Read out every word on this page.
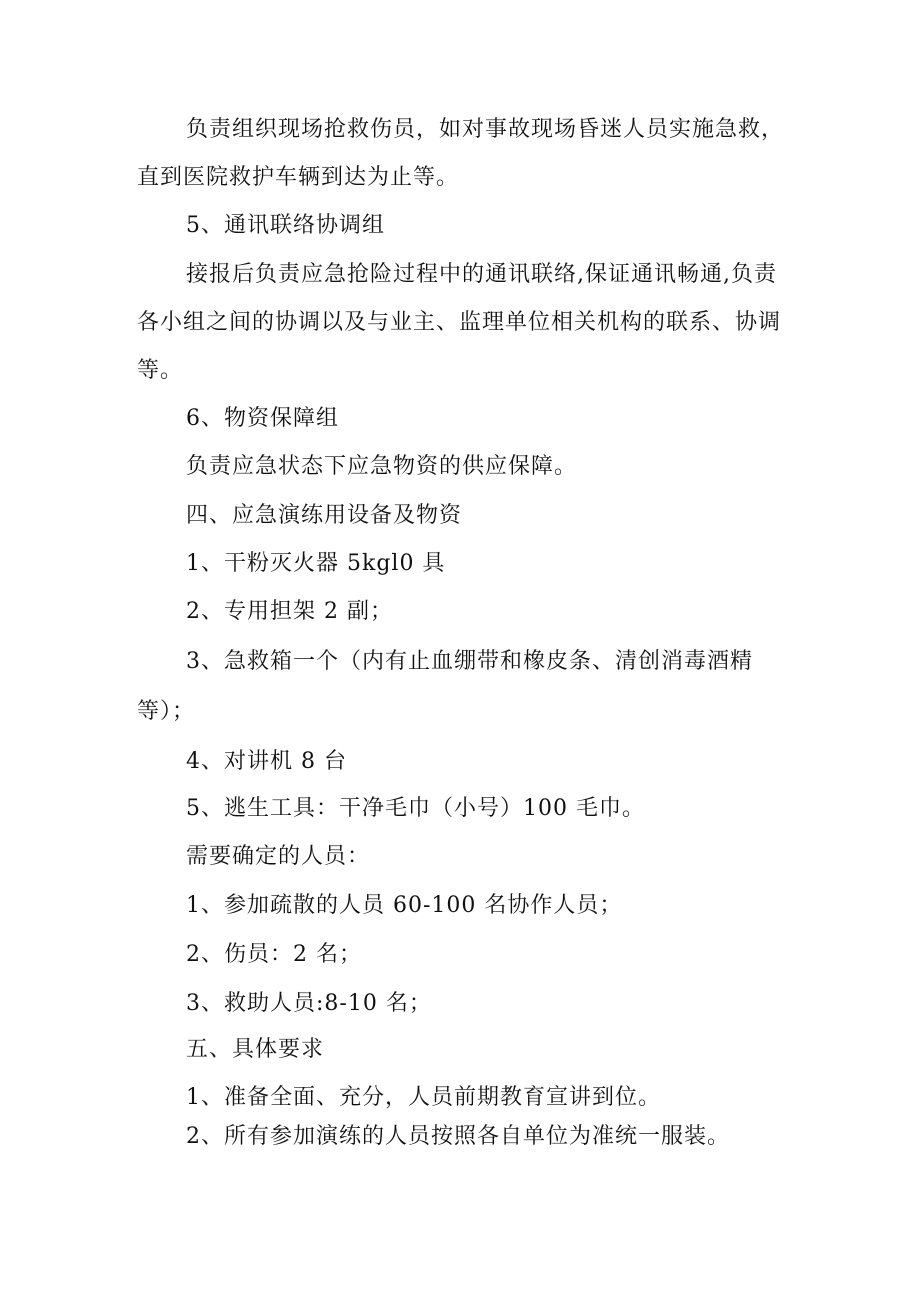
负责组织现场抢救伤员，如对事故现场昏迷人员实施急救，
直到医院救护车辆到达为止等。
5、通讯联络协调组
接报后负责应急抢险过程中的通讯联络,保证通讯畅通,负责
各小组之间的协调以及与业主、监理单位相关机构的联系、协调
等。
6、物资保障组
负责应急状态下应急物资的供应保障。
四、应急演练用设备及物资
1、干粉灭火器 5kgl0 具
2、专用担架 2 副；
3、急救箱一个（内有止血绷带和橡皮条、清创消毒酒精
等）；
4、对讲机 8 台
5、逃生工具：干净毛巾（小号）100 毛巾。
需要确定的人员：
1、参加疏散的人员 60-100 名协作人员；
2、伤员：2 名；
3、救助人员:8-10 名；
五、具体要求
1、准备全面、充分，人员前期教育宣讲到位。
2、所有参加演练的人员按照各自单位为准统一服装。
